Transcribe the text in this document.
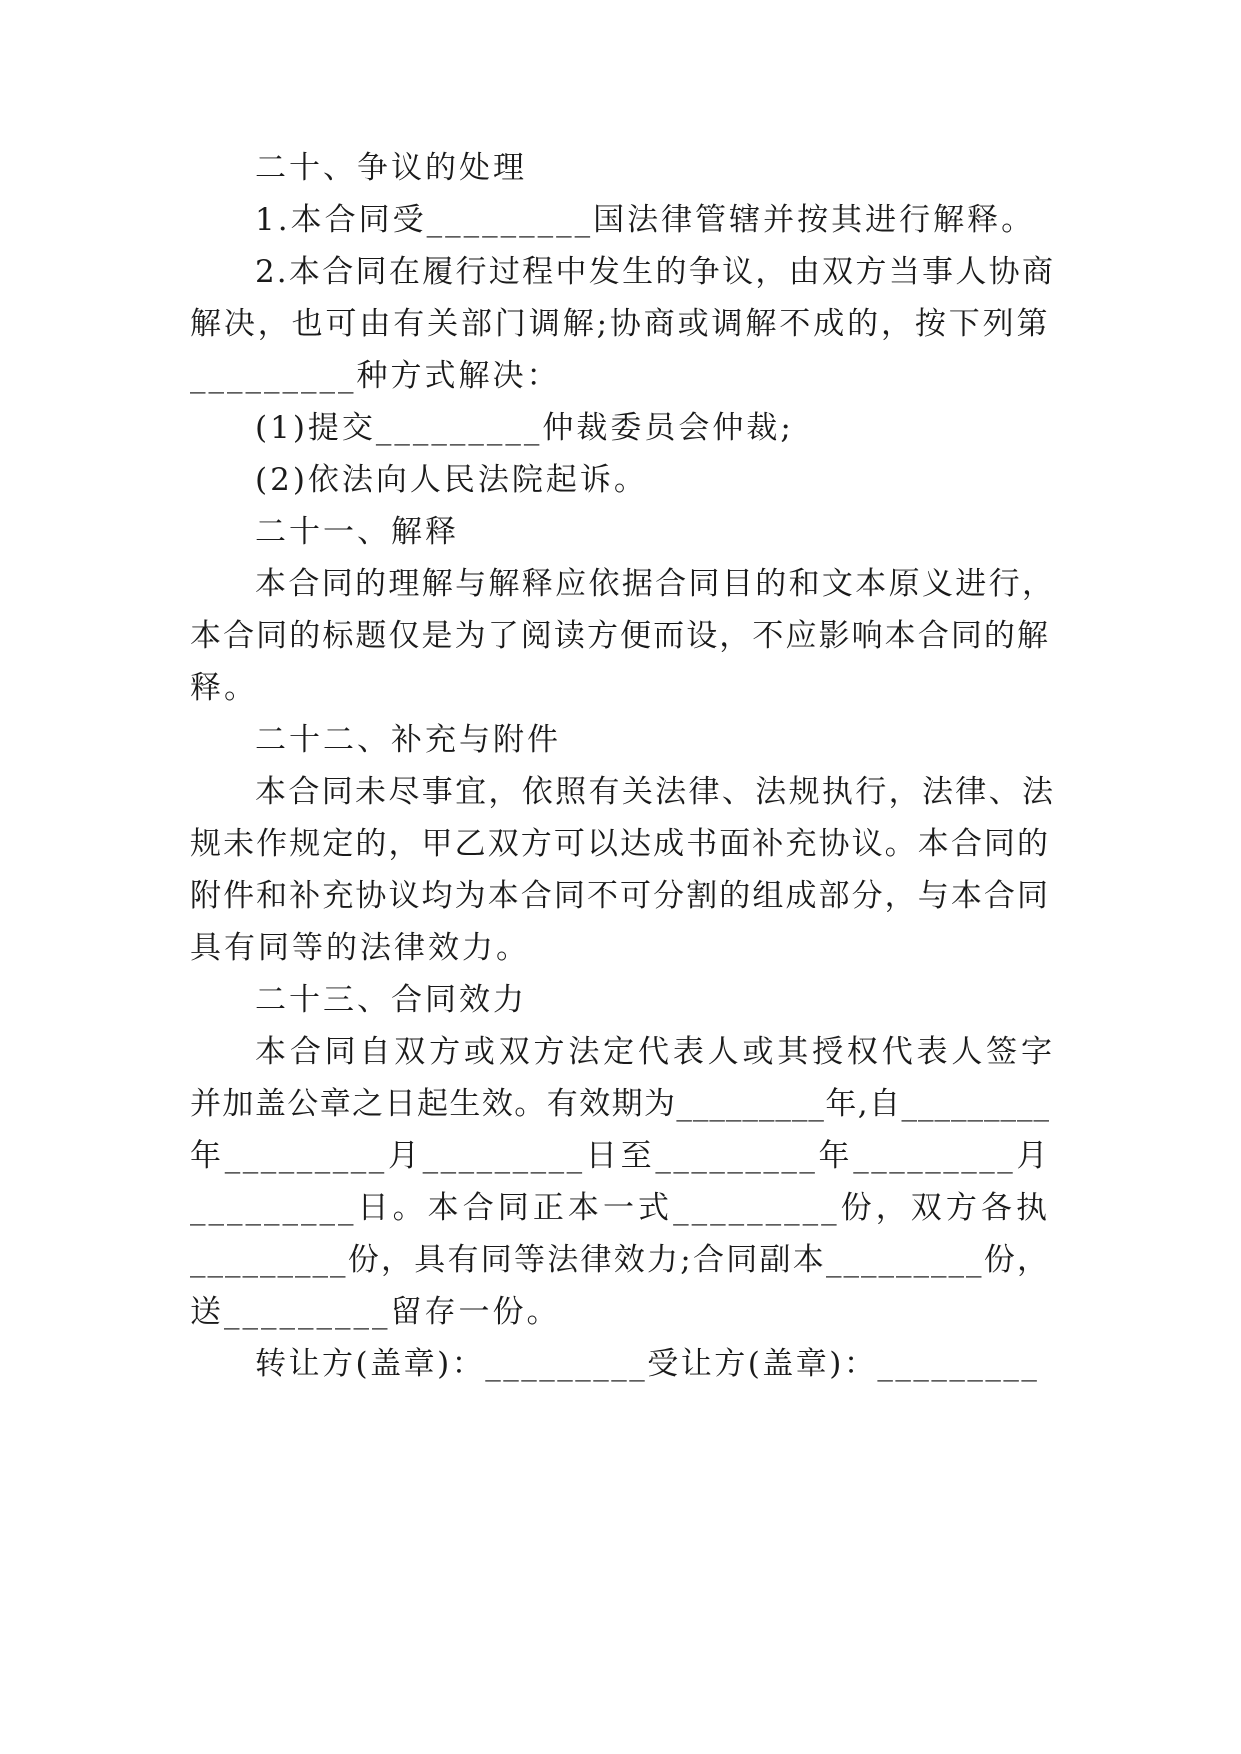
二十、争议的处理
1.本合同受_________国法律管辖并按其进行解释。
2.本合同在履行过程中发生的争议，由双方当事人协商
解决，也可由有关部门调解;协商或调解不成的，按下列第
_________种方式解决：
(1)提交_________仲裁委员会仲裁;
(2)依法向人民法院起诉。
二十一、解释
本合同的理解与解释应依据合同目的和文本原义进行，
本合同的标题仅是为了阅读方便而设，不应影响本合同的解
释。
二十二、补充与附件
本合同未尽事宜，依照有关法律、法规执行，法律、法
规未作规定的，甲乙双方可以达成书面补充协议。本合同的
附件和补充协议均为本合同不可分割的组成部分，与本合同
具有同等的法律效力。
二十三、合同效力
本合同自双方或双方法定代表人或其授权代表人签字
并加盖公章之日起生效。有效期为_________年,自_________
年_________月_________日至_________年_________月
_________日。本合同正本一式_________份，双方各执
_________份，具有同等法律效力;合同副本_________份，
送_________留存一份。
转让方(盖章)：_________受让方(盖章)：_________
